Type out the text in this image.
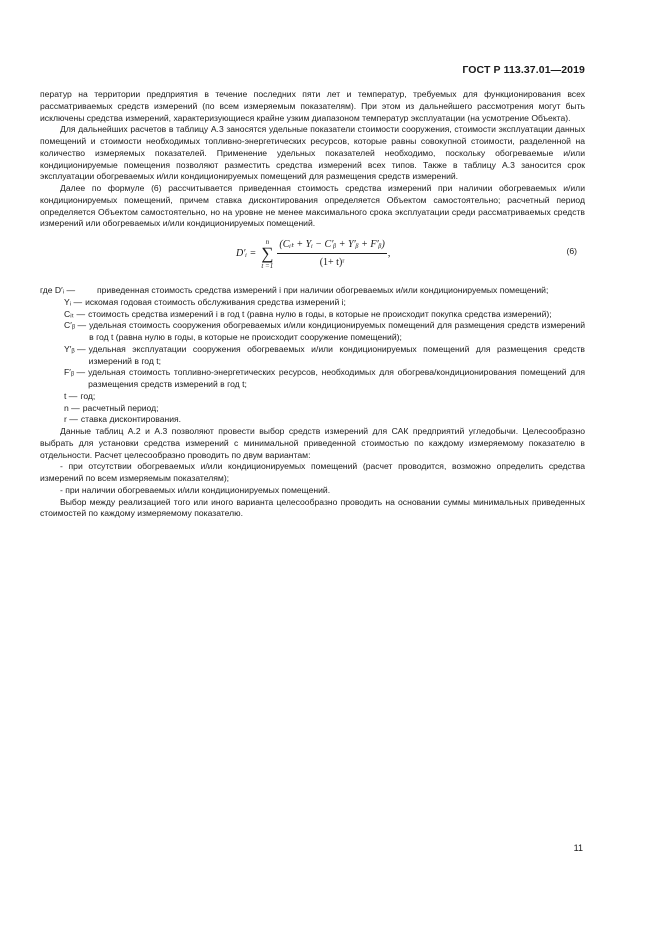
ГОСТ Р 113.37.01—2019

ператур на территории предприятия в течение последних пяти лет и температур, требуемых для функционирования всех рассматриваемых средств измерений (по всем измеряемым показателям). При этом из дальнейшего рассмотрения могут быть исключены средства измерений, характеризующиеся крайне узким диапазоном температур эксплуатации (на усмотрение Объекта).

Для дальнейших расчетов в таблицу А.3 заносятся удельные показатели стоимости сооружения, стоимости эксплуатации данных помещений и стоимости необходимых топливно-энергетических ресурсов, которые равны совокупной стоимости, разделенной на количество измеряемых показателей. Применение удельных показателей необходимо, поскольку обогреваемые и/или кондиционируемые помещения позволяют разместить средства измерений всех типов. Также в таблицу А.3 заносится срок эксплуатации обогреваемых и/или кондиционируемых помещений для размещения средств измерений.

Далее по формуле (6) рассчитывается приведенная стоимость средства измерений при наличии обогреваемых и/или кондиционируемых помещений, причем ставка дисконтирования определяется Объектом самостоятельно; расчетный период определяется Объектом самостоятельно, но на уровне не менее максимального срока эксплуатации среди рассматриваемых средств измерений или обогреваемых и/или кондиционируемых помещений.

D′ᵢ =
n
∑
$t =1 \frac{\text{(Cᵢₜ + Yᵢ − C′ᵦ + Y′ᵦ + F′ᵦ)}}{\text{(1+ t)ʳ}}$ ,	(6)
где D′ᵢ —	приведенная стоимость средства измерений i при наличии обогреваемых и/или кондиционируемых помещений;
Yᵢ — искомая годовая стоимость обслуживания средства измерений i;
Cᵢₜ — стоимость средства измерений i в год t (равна нулю в годы, в которые не происходит покупка средства измерений);
C′ᵦ — удельная стоимость сооружения обогреваемых и/или кондиционируемых помещений для размещения средств измерений в год t (равна нулю в годы, в которые не происходит сооружение помещений);
Y′ᵦ — удельная эксплуатации сооружения обогреваемых и/или кондиционируемых помещений для размещения средств измерений в год t;
F′ᵦ — удельная стоимость топливно-энергетических ресурсов, необходимых для обогрева/кондиционирования помещений для размещения средств измерений в год t;
t — год;
n — расчетный период;
r — ставка дисконтирования.

Данные таблиц А.2 и А.3 позволяют провести выбор средств измерений для САК предприятий угледобычи. Целесообразно выбрать для установки средства измерений с минимальной приведенной стоимостью по каждому измеряемому показателю в отдельности. Расчет целесообразно проводить по двум вариантам:

- при отсутствии обогреваемых и/или кондиционируемых помещений (расчет проводится, возможно определить средства измерений по всем измеряемым показателям);

- при наличии обогреваемых и/или кондиционируемых помещений.

Выбор между реализацией того или иного варианта целесообразно проводить на основании суммы минимальных приведенных стоимостей по каждому измеряемому показателю.

11
